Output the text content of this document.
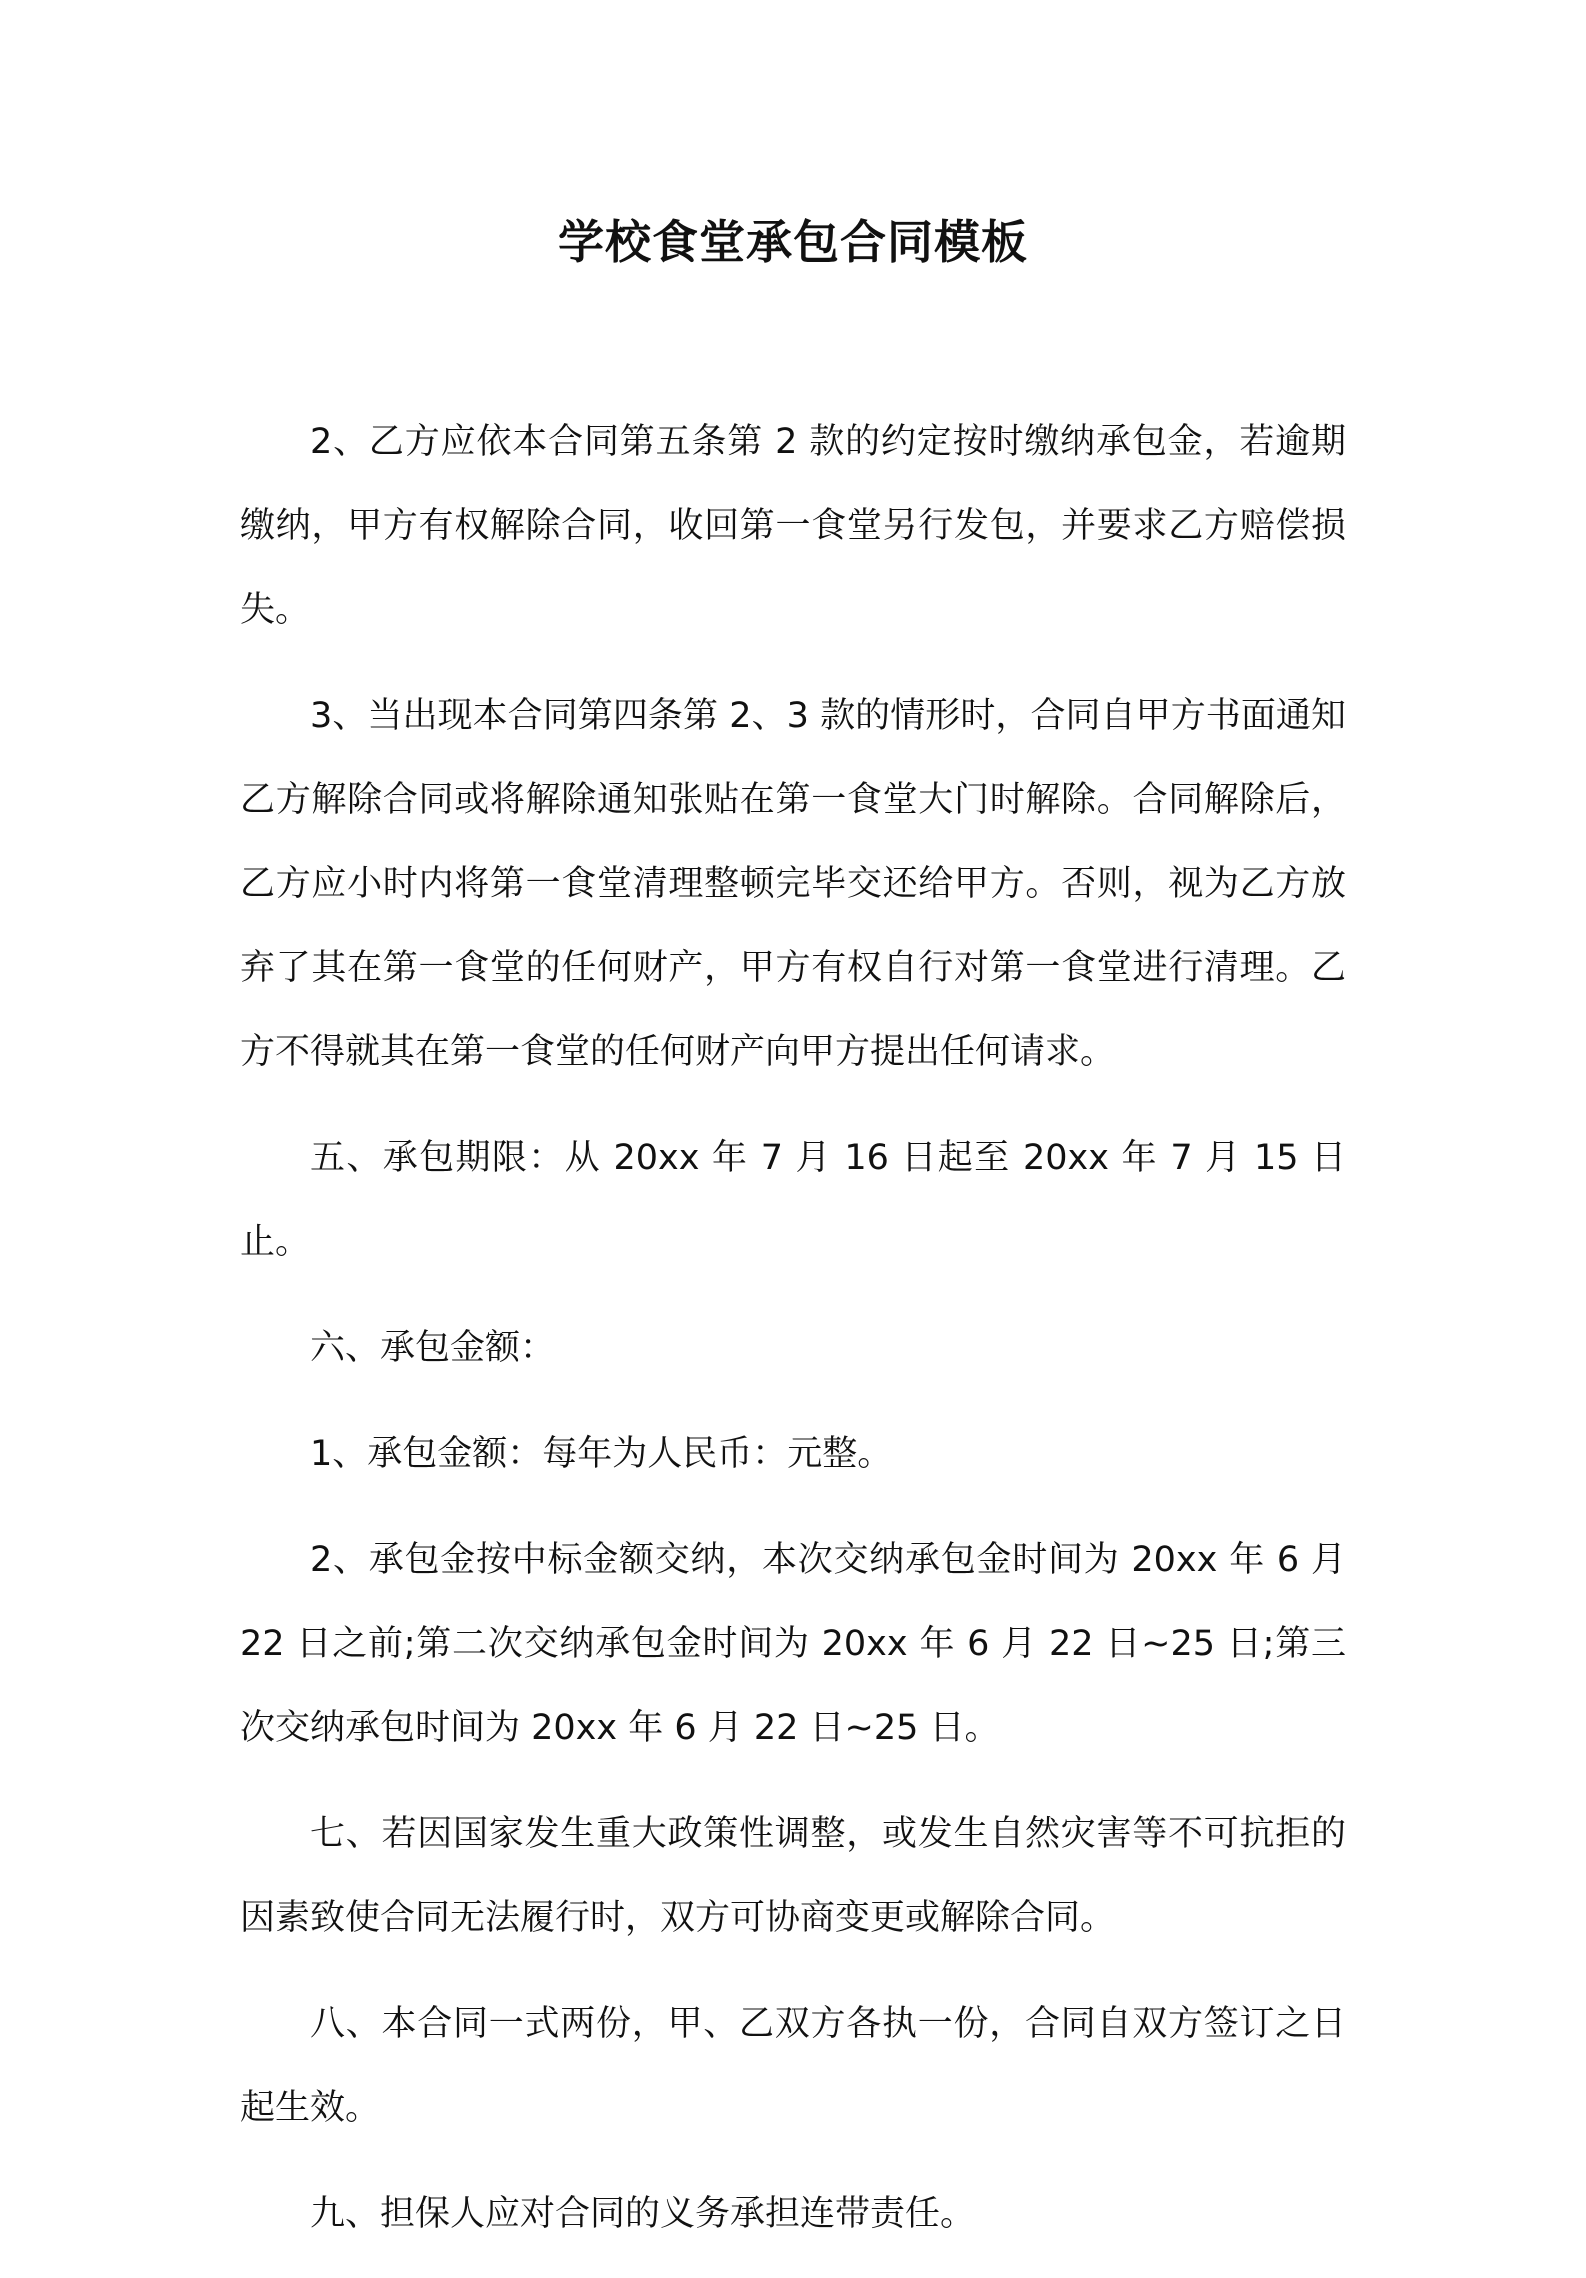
学校食堂承包合同模板

2、乙方应依本合同第五条第 2 款的约定按时缴纳承包金，若逾期缴纳，甲方有权解除合同，收回第一食堂另行发包，并要求乙方赔偿损失。

3、当出现本合同第四条第 2、3 款的情形时，合同自甲方书面通知乙方解除合同或将解除通知张贴在第一食堂大门时解除。合同解除后，乙方应小时内将第一食堂清理整顿完毕交还给甲方。否则，视为乙方放弃了其在第一食堂的任何财产，甲方有权自行对第一食堂进行清理。乙方不得就其在第一食堂的任何财产向甲方提出任何请求。

五、承包期限：从 20xx 年 7 月 16 日起至 20xx 年 7 月 15 日止。

六、承包金额：

1、承包金额：每年为人民币：元整。

2、承包金按中标金额交纳，本次交纳承包金时间为 20xx 年 6 月 22 日之前;第二次交纳承包金时间为 20xx 年 6 月 22 日~25 日;第三次交纳承包时间为 20xx 年 6 月 22 日~25 日。

七、若因国家发生重大政策性调整，或发生自然灾害等不可抗拒的因素致使合同无法履行时，双方可协商变更或解除合同。

八、本合同一式两份，甲、乙双方各执一份，合同自双方签订之日起生效。

九、担保人应对合同的义务承担连带责任。
